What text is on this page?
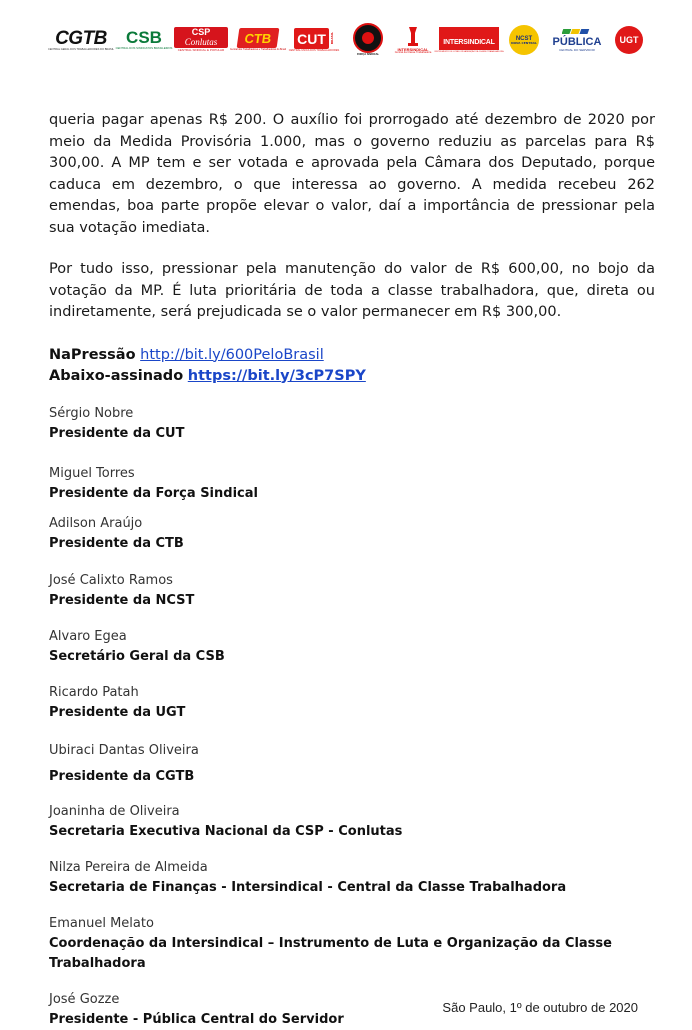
CGTB
CENTRAL GERAL DOS TRABALHADORES DO BRASIL
CSB
CENTRAL DOS SINDICATOS BRASILEIROS
CSP
Conlutas
CENTRAL SINDICAL E POPULAR
CTB
Central dos Trabalhadores e Trabalhadoras do Brasil
CUT	BRASIL
CENTRAL ÚNICA DOS TRABALHADORES
FORÇA SINDICAL
INTERSINDICAL
Central da Classe Trabalhadora
INTERSINDICAL
INSTRUMENTO DE LUTA E ORGANIZAÇÃO DA CLASSE TRABALHADORA
NCST
NOVA CENTRAL PÚBLICA
CENTRAL DO SERVIDOR
UGT

queria pagar apenas R$ 200. O auxílio foi prorrogado até dezembro de 2020 por meio da Medida Provisória 1.000, mas o governo reduziu as parcelas para R$ 300,00. A MP tem e ser votada e aprovada pela Câmara dos Deputado, porque caduca em dezembro, o que interessa ao governo. A medida recebeu 262 emendas, boa parte propõe elevar o valor, daí a importância de pressionar pela sua votação imediata.

Por tudo isso, pressionar pela manutenção do valor de R$ 600,00, no bojo da votação da MP. É luta prioritária de toda a classe trabalhadora, que, direta ou indiretamente, será prejudicada se o valor permanecer em R$ 300,00.

NaPressão http://bit.ly/600PeloBrasil
Abaixo-assinado https://bit.ly/3cP7SPY
Sérgio Nobre
Presidente da CUT
Miguel Torres
Presidente da Força Sindical
Adilson Araújo
Presidente da CTB
José Calixto Ramos
Presidente da NCST
Alvaro Egea
Secretário Geral da CSB
Ricardo Patah
Presidente da UGT
Ubiraci Dantas Oliveira
Presidente da CGTB
Joaninha de Oliveira
Secretaria Executiva Nacional da CSP - Conlutas
Nilza Pereira de Almeida
Secretaria de Finanças - Intersindical - Central da Classe Trabalhadora
Emanuel Melato
Coordenação da Intersindical – Instrumento de Luta e Organização da Classe Trabalhadora
José Gozze
Presidente - Pública Central do Servidor
São Paulo, 1º de outubro de 2020
